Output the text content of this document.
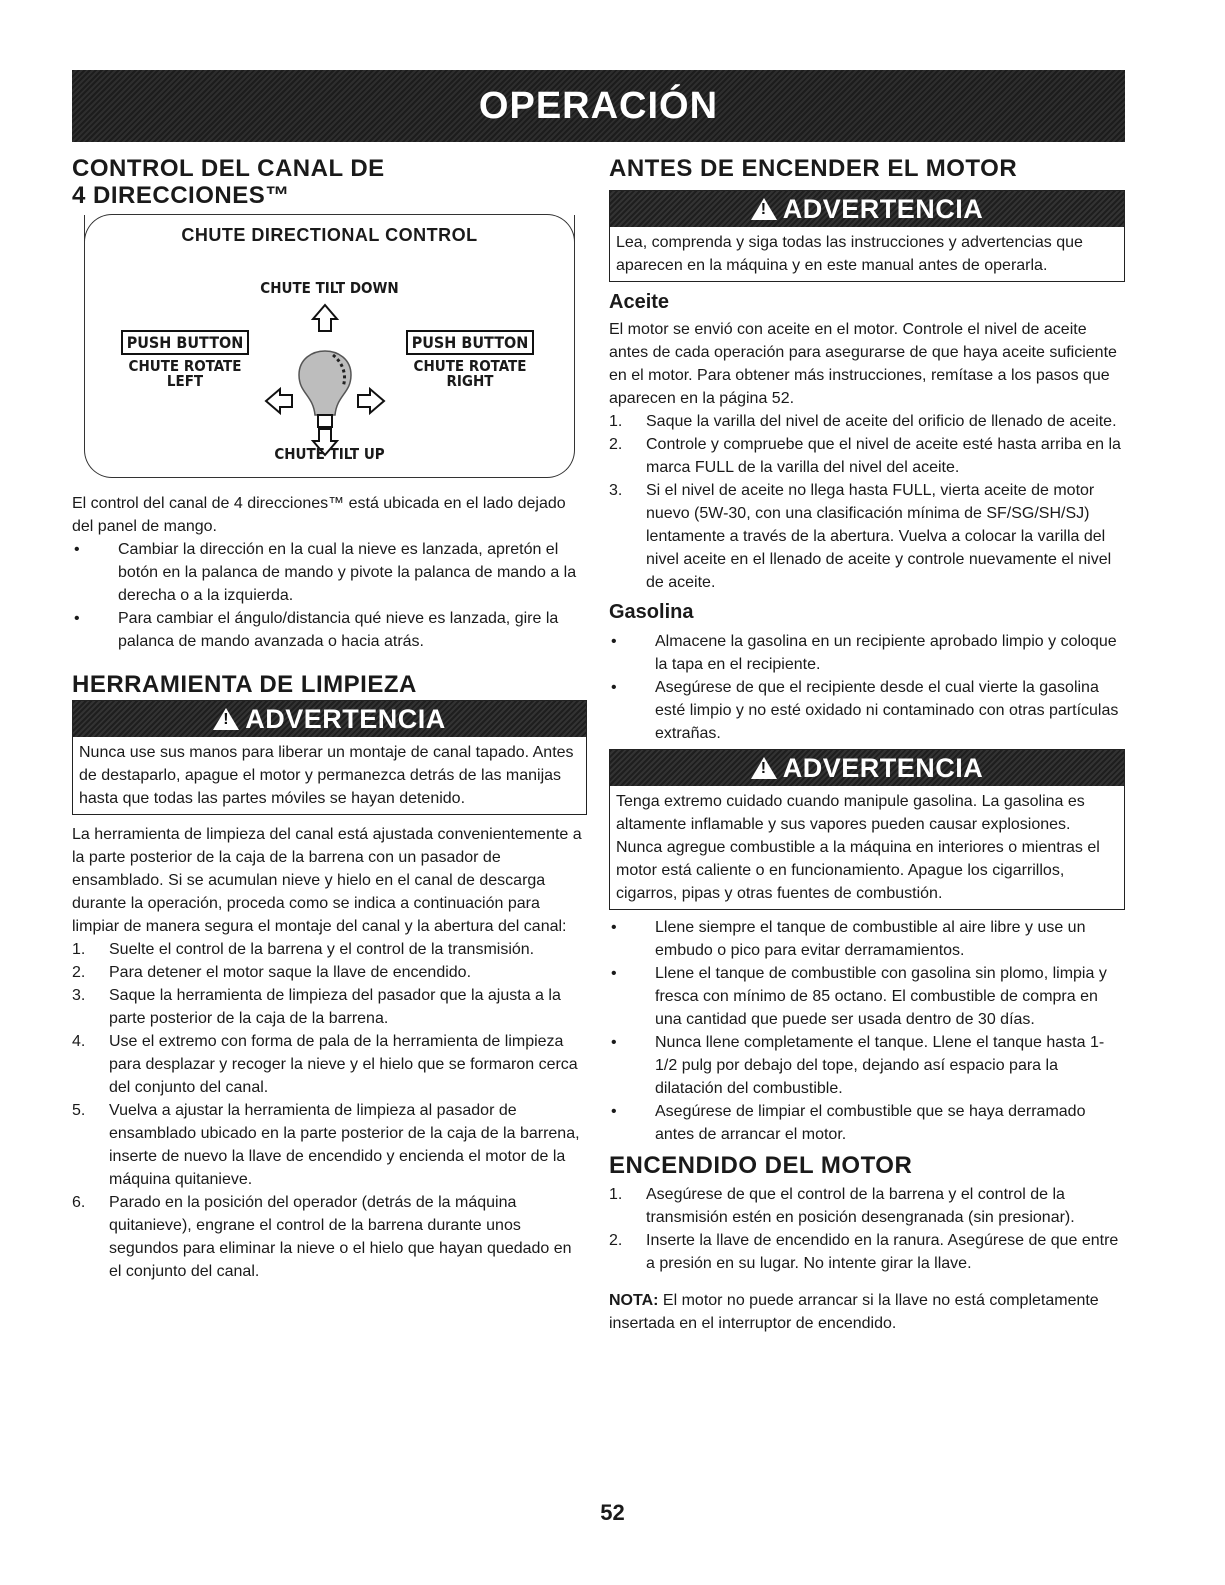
OPERACIÓN
CONTROL DEL CANAL DE
4 DIRECCIONES™
CHUTE DIRECTIONAL CONTROL
CHUTE TILT DOWN
PUSH BUTTON
CHUTE ROTATE
LEFT
PUSH BUTTON
CHUTE ROTATE
RIGHT
CHUTE TILT UP

El control del canal de 4 direcciones™ está ubicada en el lado dejado del panel de mango.

• Cambiar la dirección en la cual la nieve es lanzada, apretón el botón en la palanca de mando y pivote la palanca de mando a la derecha o a la izquierda.
• Para cambiar el ángulo/distancia qué nieve es lanzada, gire la palanca de mando avanzada o hacia atrás.
HERRAMIENTA DE LIMPIEZA
!
ADVERTENCIA
Nunca use sus manos para liberar un montaje de canal tapado. Antes de destaparlo, apague el motor y permanezca detrás de las manijas hasta que todas las partes móviles se hayan detenido.

La herramienta de limpieza del canal está ajustada convenientemente a la parte posterior de la caja de la barrena con un pasador de ensamblado. Si se acumulan nieve y hielo en el canal de descarga durante la operación, proceda como se indica a continuación para limpiar de manera segura el montaje del canal y la abertura del canal:

1. Suelte el control de la barrena y el control de la transmisión.
2. Para detener el motor saque la llave de encendido.
3. Saque la herramienta de limpieza del pasador que la ajusta a la parte posterior de la caja de la barrena.
4. Use el extremo con forma de pala de la herramienta de limpieza para desplazar y recoger la nieve y el hielo que se formaron cerca del conjunto del canal.
5. Vuelva a ajustar la herramienta de limpieza al pasador de ensamblado ubicado en la parte posterior de la caja de la barrena, inserte de nuevo la llave de encendido y encienda el motor de la máquina quitanieve.
6. Parado en la posición del operador (detrás de la máquina quitanieve), engrane el control de la barrena durante unos segundos para eliminar la nieve o el hielo que hayan quedado en el conjunto del canal.
ANTES DE ENCENDER EL MOTOR
!
ADVERTENCIA
Lea, comprenda y siga todas las instrucciones y advertencias que aparecen en la máquina y en este manual antes de operarla.
Aceite

El motor se envió con aceite en el motor. Controle el nivel de aceite antes de cada operación para asegurarse de que haya aceite suficiente en el motor. Para obtener más instrucciones, remítase a los pasos que aparecen en la página 52.

1. Saque la varilla del nivel de aceite del orificio de llenado de aceite.
2. Controle y compruebe que el nivel de aceite esté hasta arriba en la marca FULL de la varilla del nivel del aceite.
3. Si el nivel de aceite no llega hasta FULL, vierta aceite de motor nuevo (5W-30, con una clasificación mínima de SF/SG/SH/SJ) lentamente a través de la abertura. Vuelva a colocar la varilla del nivel aceite en el llenado de aceite y controle nuevamente el nivel de aceite.
Gasolina
• Almacene la gasolina en un recipiente aprobado limpio y coloque la tapa en el recipiente.
• Asegúrese de que el recipiente desde el cual vierte la gasolina esté limpio y no esté oxidado ni contaminado con otras partículas extrañas.
!
ADVERTENCIA
Tenga extremo cuidado cuando manipule gasolina. La gasolina es altamente inflamable y sus vapores pueden causar explosiones. Nunca agregue combustible a la máquina en interiores o mientras el motor está caliente o en funcionamiento. Apague los cigarrillos, cigarros, pipas y otras fuentes de combustión.
• Llene siempre el tanque de combustible al aire libre y use un embudo o pico para evitar derramamientos.
• Llene el tanque de combustible con gasolina sin plomo, limpia y fresca con mínimo de 85 octano. El combustible de compra en una cantidad que puede ser usada dentro de 30 días.
• Nunca llene completamente el tanque. Llene el tanque hasta 1-1/2 pulg por debajo del tope, dejando así espacio para la dilatación del combustible.
• Asegúrese de limpiar el combustible que se haya derramado antes de arrancar el motor.
ENCENDIDO DEL MOTOR
1. Asegúrese de que el control de la barrena y el control de la transmisión estén en posición desengranada (sin presionar).
2. Inserte la llave de encendido en la ranura. Asegúrese de que entre a presión en su lugar. No intente girar la llave.

NOTA: El motor no puede arrancar si la llave no está completamente insertada en el interruptor de encendido.

52
